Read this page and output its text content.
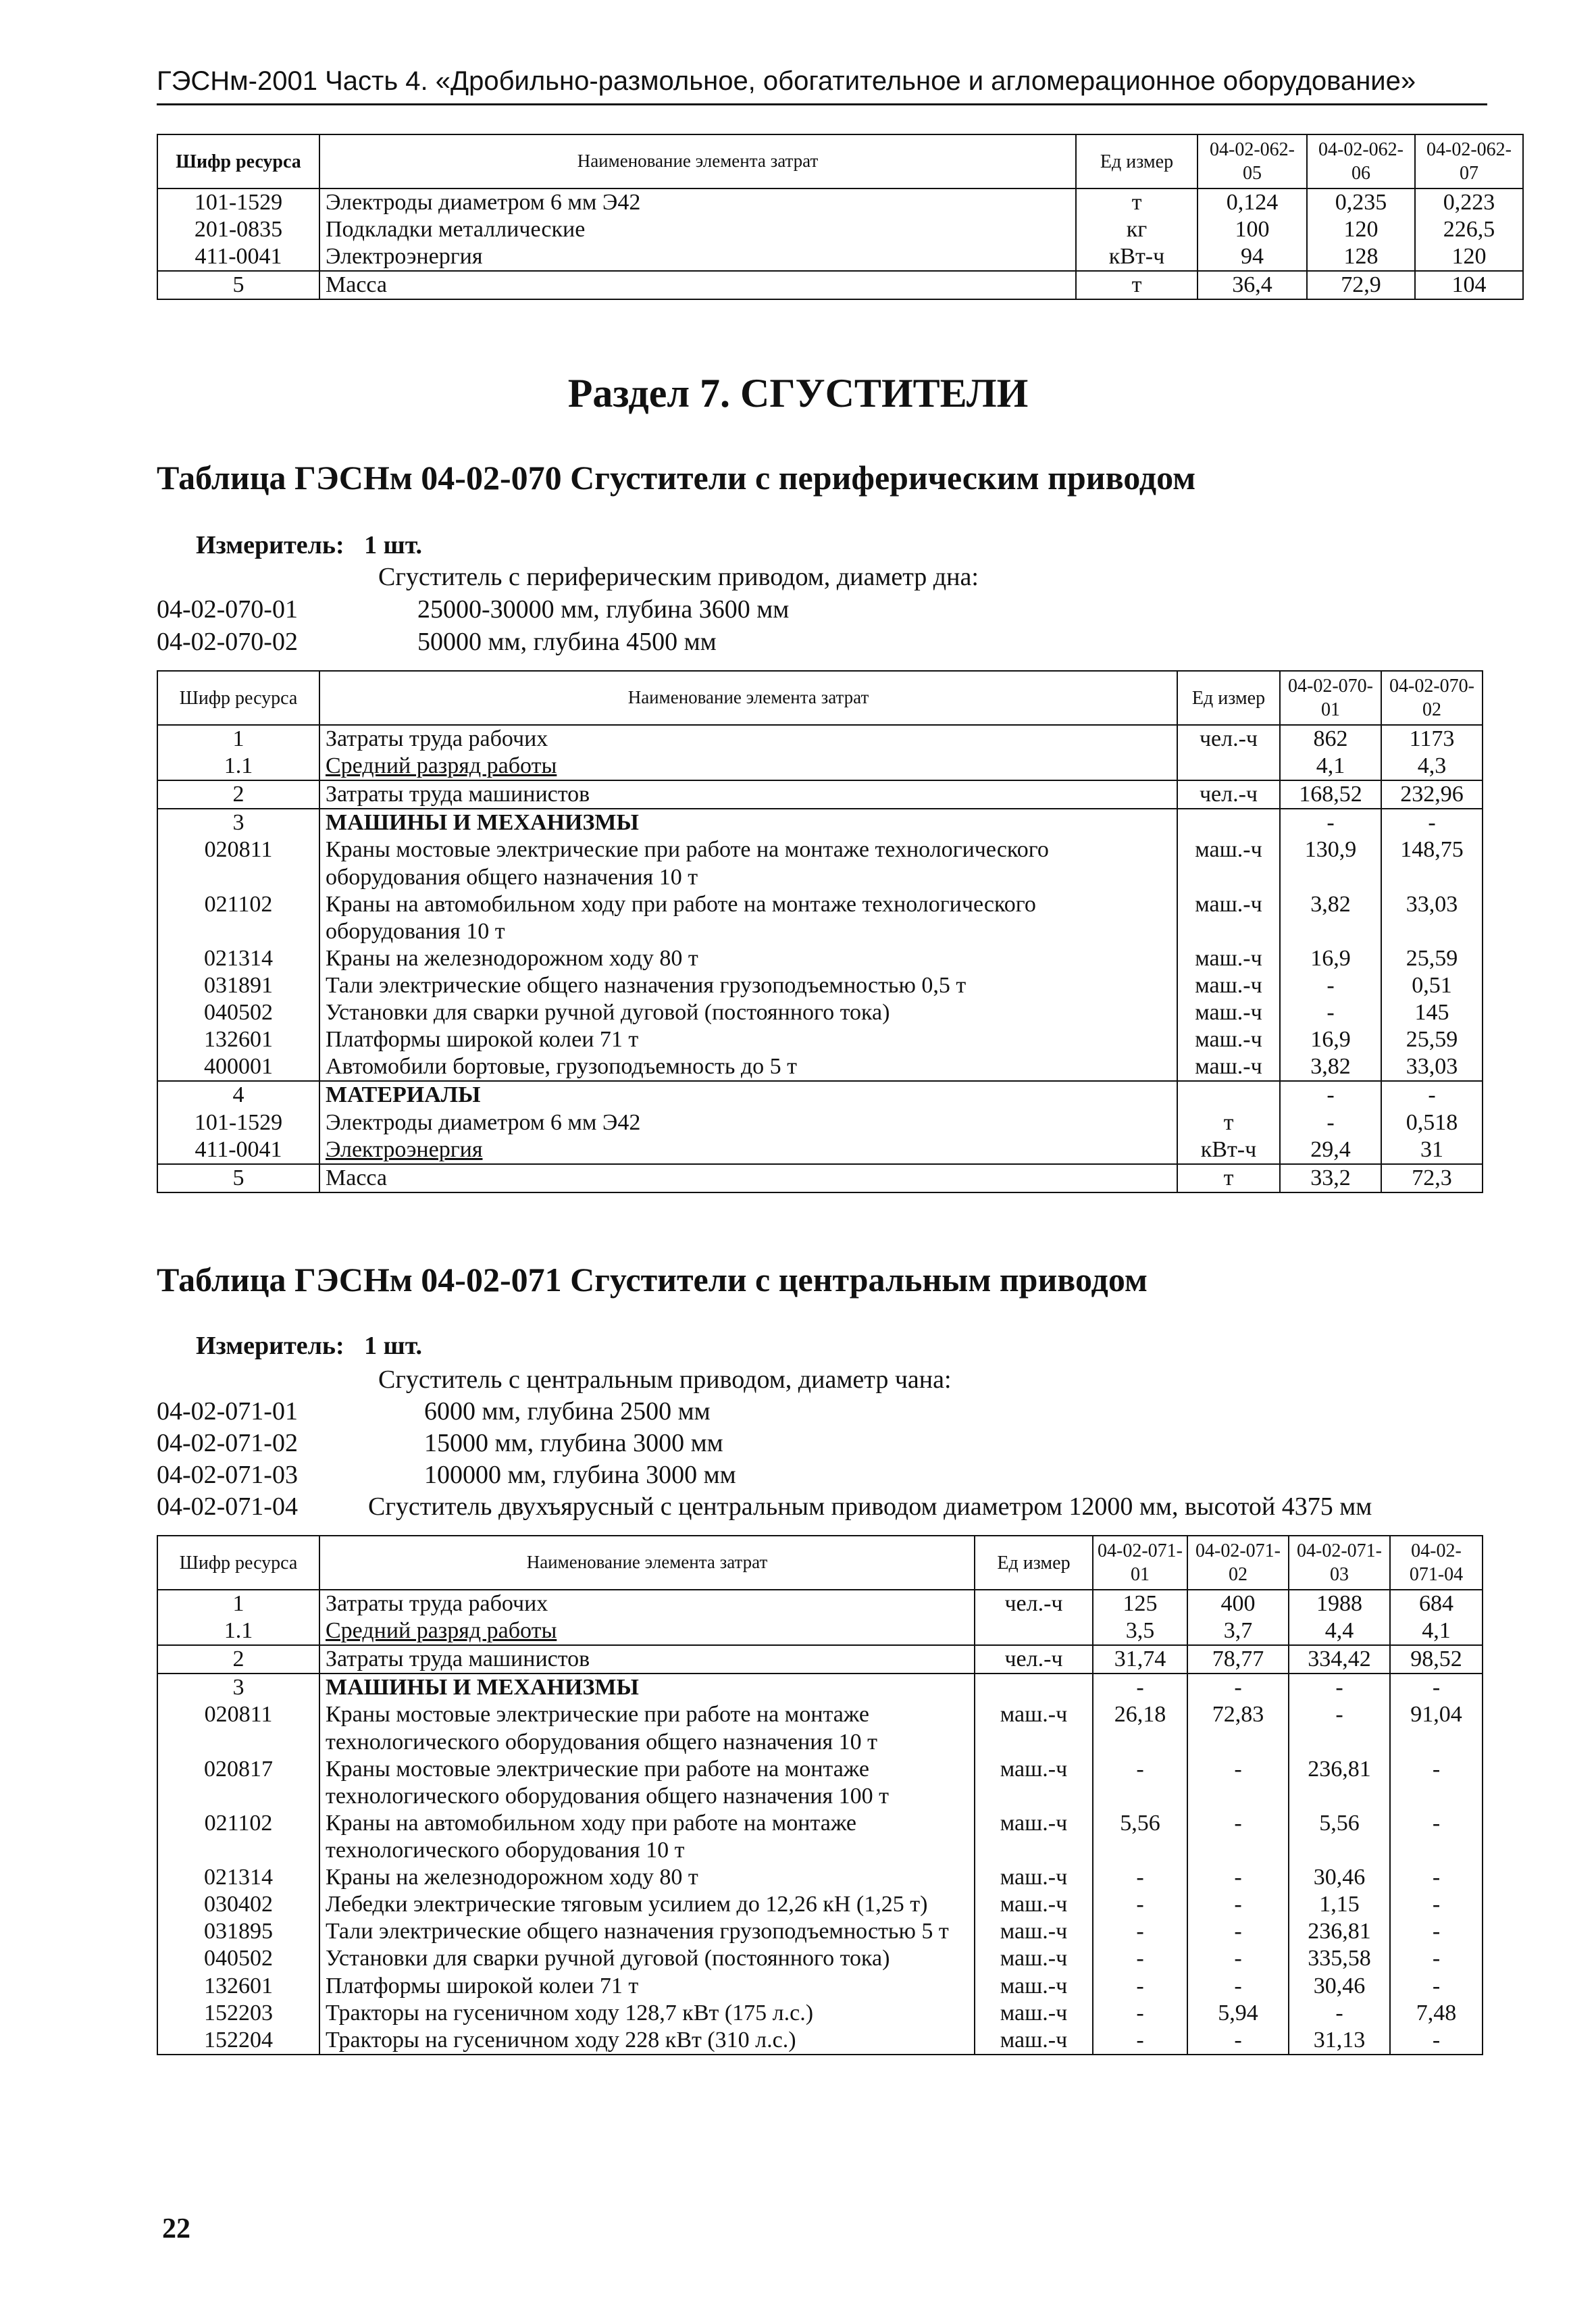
ГЭСНм-2001 Часть 4. «Дробильно-размольное, обогатительное и агломерационное оборудование»
Шифр ресурса	Наименование элемента затрат	Ед измер	04-02-062-05	04-02-062-06	04-02-062-07
101-1529	Электроды диаметром 6 мм Э42	т	0,124	0,235	0,223
201-0835	Подкладки металлические	кг	100	120	226,5
411-0041	Электроэнергия	кВт-ч	94	128	120
5	Масса	т	36,4	72,9	104
Раздел 7. СГУСТИТЕЛИ
Таблица ГЭСНм 04-02-070 Сгустители с периферическим приводом
Измеритель: 1 шт.
Сгуститель с периферическим приводом, диаметр дна:
04-02-070-01	25000-30000 мм, глубина 3600 мм
04-02-070-02	50000 мм, глубина 4500 мм
Шифр ресурса	Наименование элемента затрат	Ед измер	04-02-070-01	04-02-070-02
1	Затраты труда рабочих	чел.-ч	862	1173
1.1	Средний разряд работы		4,1	4,3
2	Затраты труда машинистов	чел.-ч	168,52	232,96
3	МАШИНЫ И МЕХАНИЗМЫ		-	-
020811	Краны мостовые электрические при работе на монтаже технологического оборудования общего назначения 10 т	маш.-ч	130,9	148,75
021102	Краны на автомобильном ходу при работе на монтаже технологического оборудования 10 т	маш.-ч	3,82	33,03
021314	Краны на железнодорожном ходу 80 т	маш.-ч	16,9	25,59
031891	Тали электрические общего назначения грузоподъемностью 0,5 т	маш.-ч	-	0,51
040502	Установки для сварки ручной дуговой (постоянного тока)	маш.-ч	-	145
132601	Платформы широкой колеи 71 т	маш.-ч	16,9	25,59
400001	Автомобили бортовые, грузоподъемность до 5 т	маш.-ч	3,82	33,03
4	МАТЕРИАЛЫ		-	-
101-1529	Электроды диаметром 6 мм Э42	т	-	0,518
411-0041	Электроэнергия	кВт-ч	29,4	31
5	Масса	т	33,2	72,3
Таблица ГЭСНм 04-02-071 Сгустители с центральным приводом
Измеритель: 1 шт.
Сгуститель с центральным приводом, диаметр чана:
04-02-071-01	6000 мм, глубина 2500 мм
04-02-071-02	15000 мм, глубина 3000 мм
04-02-071-03	100000 мм, глубина 3000 мм
04-02-071-04	Сгуститель двухъярусный с центральным приводом диаметром 12000 мм, высотой 4375 мм
Шифр ресурса	Наименование элемента затрат	Ед измер	04-02-071-01	04-02-071-02	04-02-071-03	04-02-071-04
1	Затраты труда рабочих	чел.-ч	125	400	1988	684
1.1	Средний разряд работы		3,5	3,7	4,4	4,1
2	Затраты труда машинистов	чел.-ч	31,74	78,77	334,42	98,52
3	МАШИНЫ И МЕХАНИЗМЫ		-	-	-	-
020811	Краны мостовые электрические при работе на монтаже технологического оборудования общего назначения 10 т	маш.-ч	26,18	72,83	-	91,04
020817	Краны мостовые электрические при работе на монтаже технологического оборудования общего назначения 100 т	маш.-ч	-	-	236,81	-
021102	Краны на автомобильном ходу при работе на монтаже технологического оборудования 10 т	маш.-ч	5,56	-	5,56	-
021314	Краны на железнодорожном ходу 80 т	маш.-ч	-	-	30,46	-
030402	Лебедки электрические тяговым усилием до 12,26 кН (1,25 т)	маш.-ч	-	-	1,15	-
031895	Тали электрические общего назначения грузоподъемностью 5 т	маш.-ч	-	-	236,81	-
040502	Установки для сварки ручной дуговой (постоянного тока)	маш.-ч	-	-	335,58	-
132601	Платформы широкой колеи 71 т	маш.-ч	-	-	30,46	-
152203	Тракторы на гусеничном ходу 128,7 кВт (175 л.с.)	маш.-ч	-	5,94	-	7,48
152204	Тракторы на гусеничном ходу 228 кВт (310 л.с.)	маш.-ч	-	-	31,13	-
22
